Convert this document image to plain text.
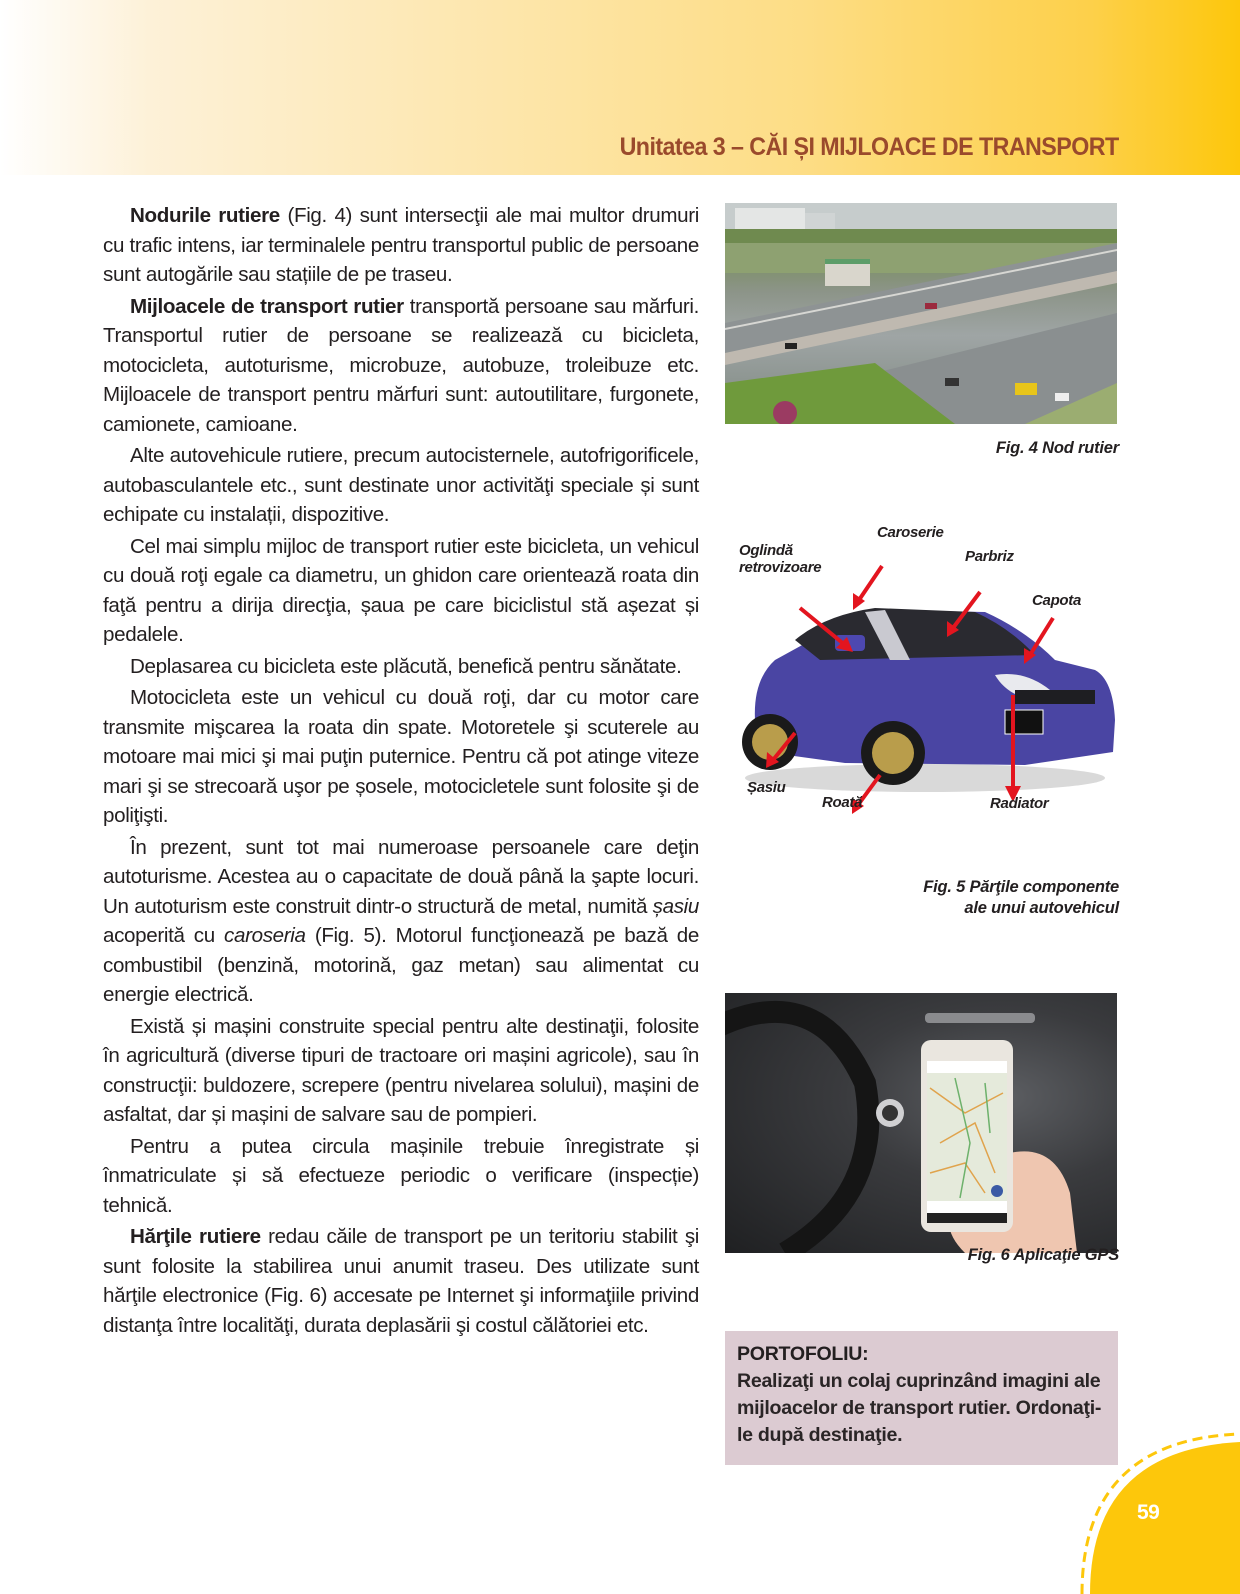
Unitatea 3 – CĂI ȘI MIJLOACE DE TRANSPORT

Nodurile rutiere (Fig. 4) sunt intersecţii ale mai multor drumuri cu trafic intens, iar terminalele pentru transportul public de persoane sunt autogările sau stațiile de pe traseu.

Mijloacele de transport rutier transportă persoane sau mărfuri. Transportul rutier de persoane se realizează cu bicicleta, motocicleta, autoturisme, microbuze, autobuze, troleibuze etc. Mijloacele de transport pentru mărfuri sunt: autoutilitare, furgonete, camionete, camioane.

Alte autovehicule rutiere, precum autocisternele, autofrigorificele, autobasculantele etc., sunt destinate unor activităţi speciale și sunt echipate cu instalații, dispozitive.

Cel mai simplu mijloc de transport rutier este bicicleta, un vehicul cu două roţi egale ca diametru, un ghidon care orientează roata din faţă pentru a dirija direcţia, șaua pe care biciclistul stă așezat și pedalele.

Deplasarea cu bicicleta este plăcută, benefică pentru sănătate.

Motocicleta este un vehicul cu două roţi, dar cu motor care transmite mişcarea la roata din spate. Motoretele şi scuterele au motoare mai mici şi mai puţin puternice. Pentru că pot atinge viteze mari şi se strecoară uşor pe șosele, motocicletele sunt folosite şi de poliţişti.

În prezent, sunt tot mai numeroase persoanele care deţin autoturisme. Acestea au o capacitate de două până la şapte locuri. Un autoturism este construit dintr-o structură de metal, numită șasiu acoperită cu caroseria (Fig. 5). Motorul funcţionează pe bază de combustibil (benzină, motorină, gaz metan) sau alimentat cu energie electrică.

Există și mașini construite special pentru alte destinaţii, folosite în agricultură (diverse tipuri de tractoare ori mașini agricole), sau în construcţii: buldozere, screpere (pentru nivelarea solului), mașini de asfaltat, dar și mașini de salvare sau de pompieri.

Pentru a putea circula mașinile trebuie înregistrate și înmatriculate și să efectueze periodic o verificare (inspecție) tehnică.

Hărţile rutiere redau căile de transport pe un teritoriu stabilit şi sunt folosite la stabilirea unui anumit traseu. Des utilizate sunt hărţile electronice (Fig. 6) accesate pe Internet şi informaţiile privind distanţa între localităţi, durata deplasării şi costul călătoriei etc.

Fig. 4 Nod rutier
Oglindă
retrovizoare
Caroserie
Parbriz
Capota
Șasiu
Roată	Radiator
Fig. 5 Părţile componente
ale unui autovehicul
Fig. 6 Aplicaţie GPS
PORTOFOLIU:
Realizaţi un colaj cuprinzând imagini ale mijloacelor de transport rutier. Ordonaţi-le după destinaţie.
59
